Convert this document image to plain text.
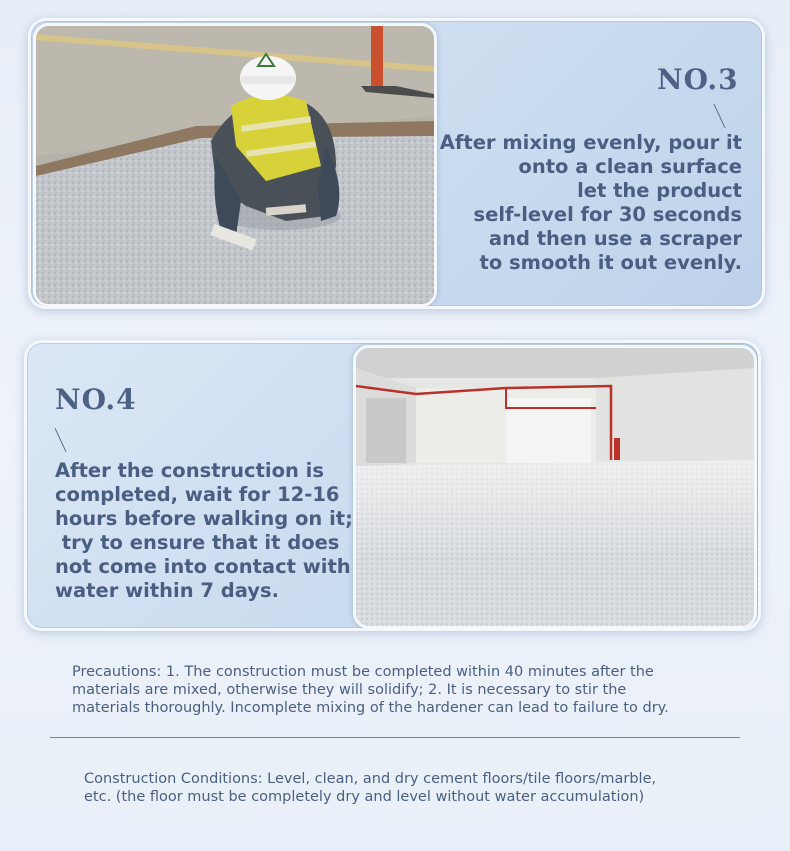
NO.3
After mixing evenly, pour it
onto a clean surface
let the product
self-level for 30 seconds
and then use a scraper
to smooth it out evenly.
NO.4
After the construction is
completed, wait for 12-16
hours before walking on it;
try to ensure that it does
not come into contact with
water within 7 days.
Precautions: 1. The construction must be completed within 40 minutes after the
materials are mixed, otherwise they will solidify; 2. It is necessary to stir the
materials thoroughly. Incomplete mixing of the hardener can lead to failure to dry.
Construction Conditions: Level, clean, and dry cement floors/tile floors/marble,
etc. (the floor must be completely dry and level without water accumulation)
